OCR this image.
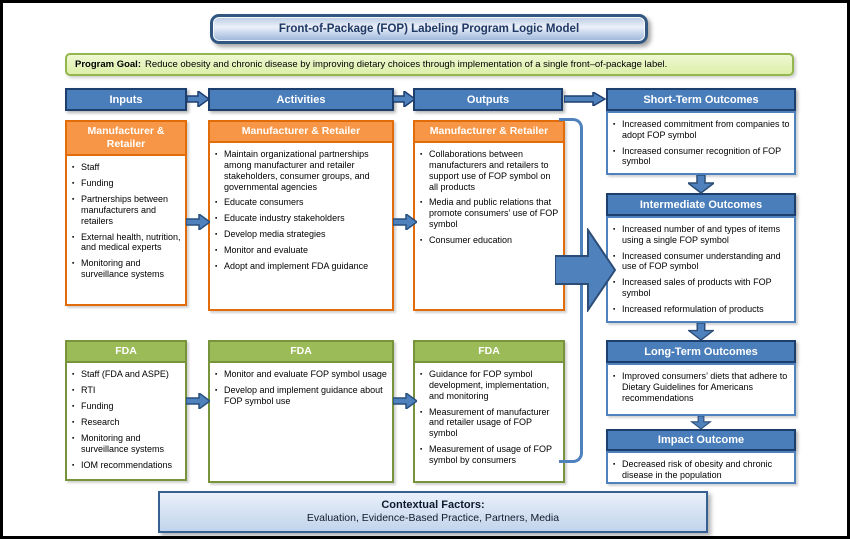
Front-of-Package (FOP) Labeling Program Logic Model
Program Goal: Reduce obesity and chronic disease by improving dietary choices through implementation of a single front–of-package label.
Inputs	Activities	Outputs
Manufacturer & Retailer
▪ Staff
▪ Funding
▪ Partnerships between manufacturers and retailers
▪ External health, nutrition, and medical experts
▪ Monitoring and surveillance systems
Manufacturer & Retailer
▪ Maintain organizational partnerships among manufacturer and retailer stakeholders, consumer groups, and governmental agencies
▪ Educate consumers
▪ Educate industry stakeholders
▪ Develop media strategies
▪ Monitor and evaluate
▪ Adopt and implement FDA guidance
Manufacturer & Retailer
▪ Collaborations between manufacturers and retailers to support use of FOP symbol on all products
▪ Media and public relations that promote consumers’ use of FOP symbol
▪ Consumer education
FDA
▪ Staff (FDA and ASPE)
▪ RTI
▪ Funding
▪ Research
▪ Monitoring and surveillance systems
▪ IOM recommendations
FDA
▪ Monitor and evaluate FOP symbol usage
▪ Develop and implement guidance about FOP symbol use
FDA
▪ Guidance for FOP symbol development, implementation, and monitoring
▪ Measurement of manufacturer and retailer usage of FOP symbol
▪ Measurement of usage of FOP symbol by consumers
Short-Term Outcomes
▪ Increased commitment from companies to adopt FOP symbol
▪ Increased consumer recognition of FOP symbol
Intermediate Outcomes
▪ Increased number of and types of items using a single FOP symbol
▪ Increased consumer understanding and use of FOP symbol
▪ Increased sales of products with FOP symbol
▪ Increased reformulation of products
Long-Term Outcomes
▪ Improved consumers’ diets that adhere to Dietary Guidelines for Americans recommendations
Impact Outcome
▪ Decreased risk of obesity and chronic disease in the population
Contextual Factors:
Evaluation, Evidence-Based Practice, Partners, Media
